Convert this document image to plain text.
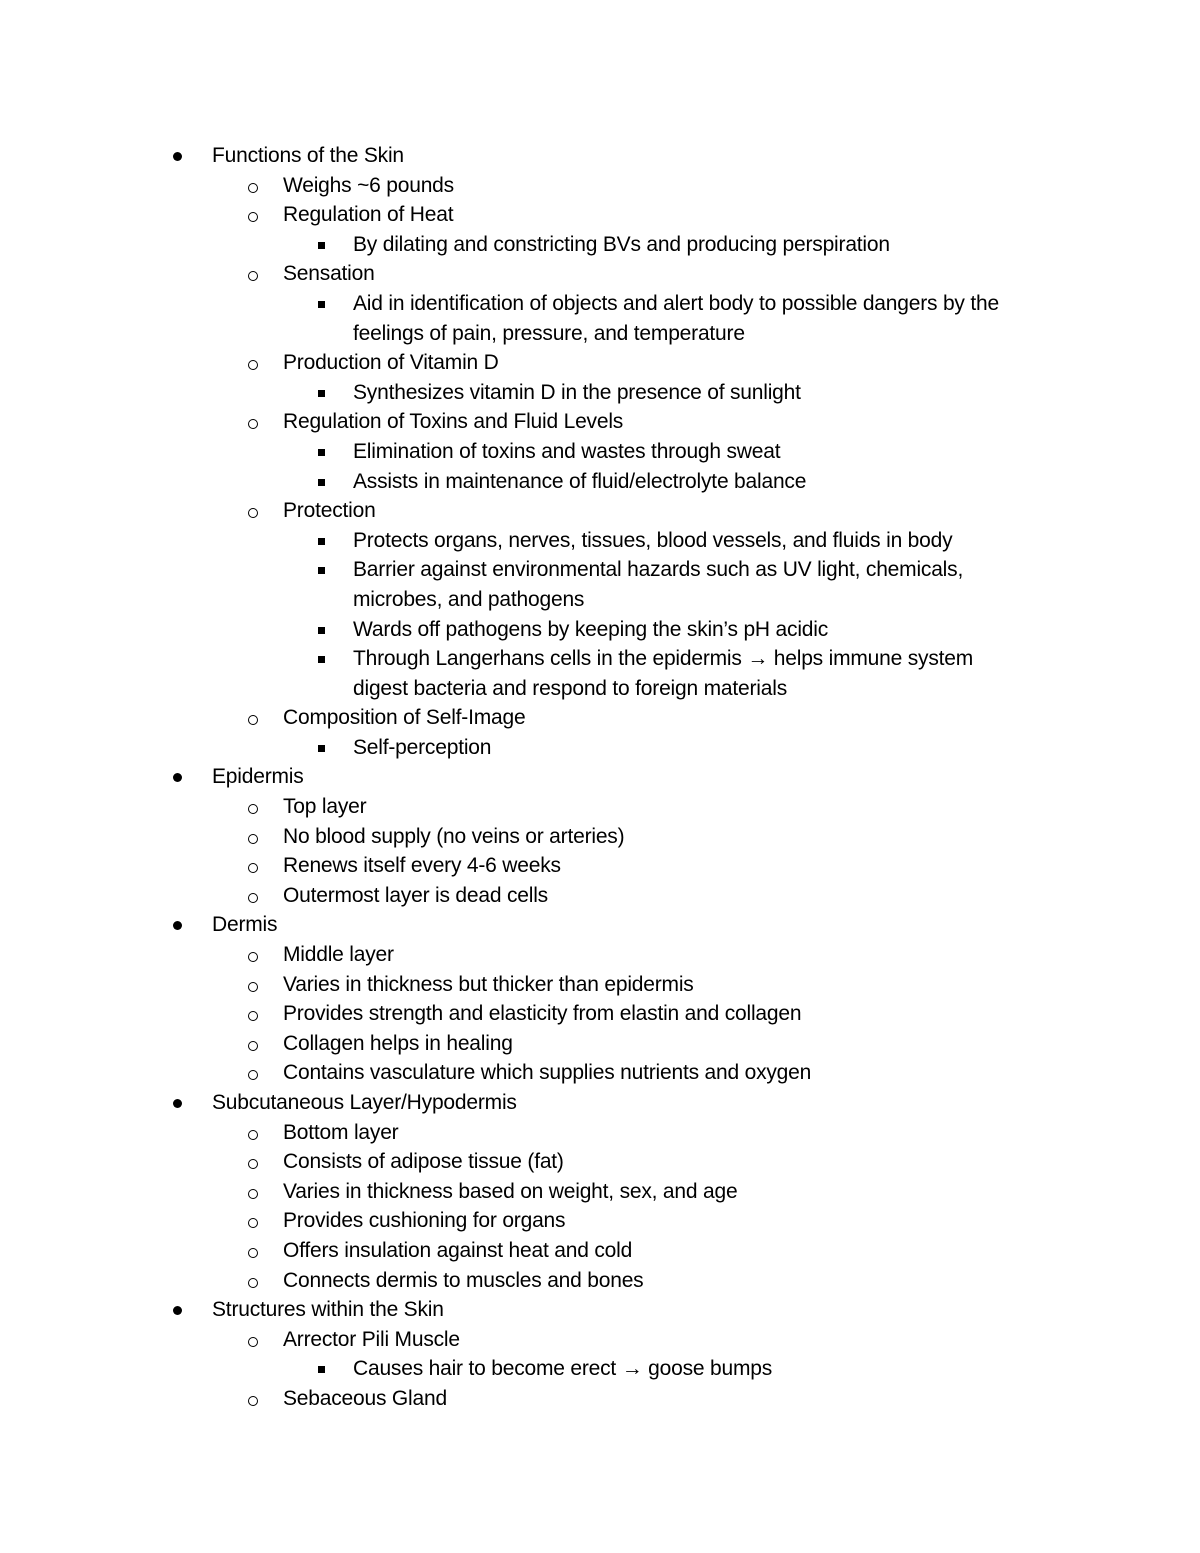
Functions of the Skin
Weighs ~6 pounds
Regulation of Heat
By dilating and constricting BVs and producing perspiration
Sensation
Aid in identification of objects and alert body to possible dangers by the
feelings of pain, pressure, and temperature
Production of Vitamin D
Synthesizes vitamin D in the presence of sunlight
Regulation of Toxins and Fluid Levels
Elimination of toxins and wastes through sweat
Assists in maintenance of fluid/electrolyte balance
Protection
Protects organs, nerves, tissues, blood vessels, and fluids in body
Barrier against environmental hazards such as UV light, chemicals,
microbes, and pathogens
Wards off pathogens by keeping the skin’s pH acidic
Through Langerhans cells in the epidermis → helps immune system
digest bacteria and respond to foreign materials
Composition of Self-Image
Self-perception
Epidermis
Top layer
No blood supply (no veins or arteries)
Renews itself every 4-6 weeks
Outermost layer is dead cells
Dermis
Middle layer
Varies in thickness but thicker than epidermis
Provides strength and elasticity from elastin and collagen
Collagen helps in healing
Contains vasculature which supplies nutrients and oxygen
Subcutaneous Layer/Hypodermis
Bottom layer
Consists of adipose tissue (fat)
Varies in thickness based on weight, sex, and age
Provides cushioning for organs
Offers insulation against heat and cold
Connects dermis to muscles and bones
Structures within the Skin
Arrector Pili Muscle
Causes hair to become erect → goose bumps
Sebaceous Gland
